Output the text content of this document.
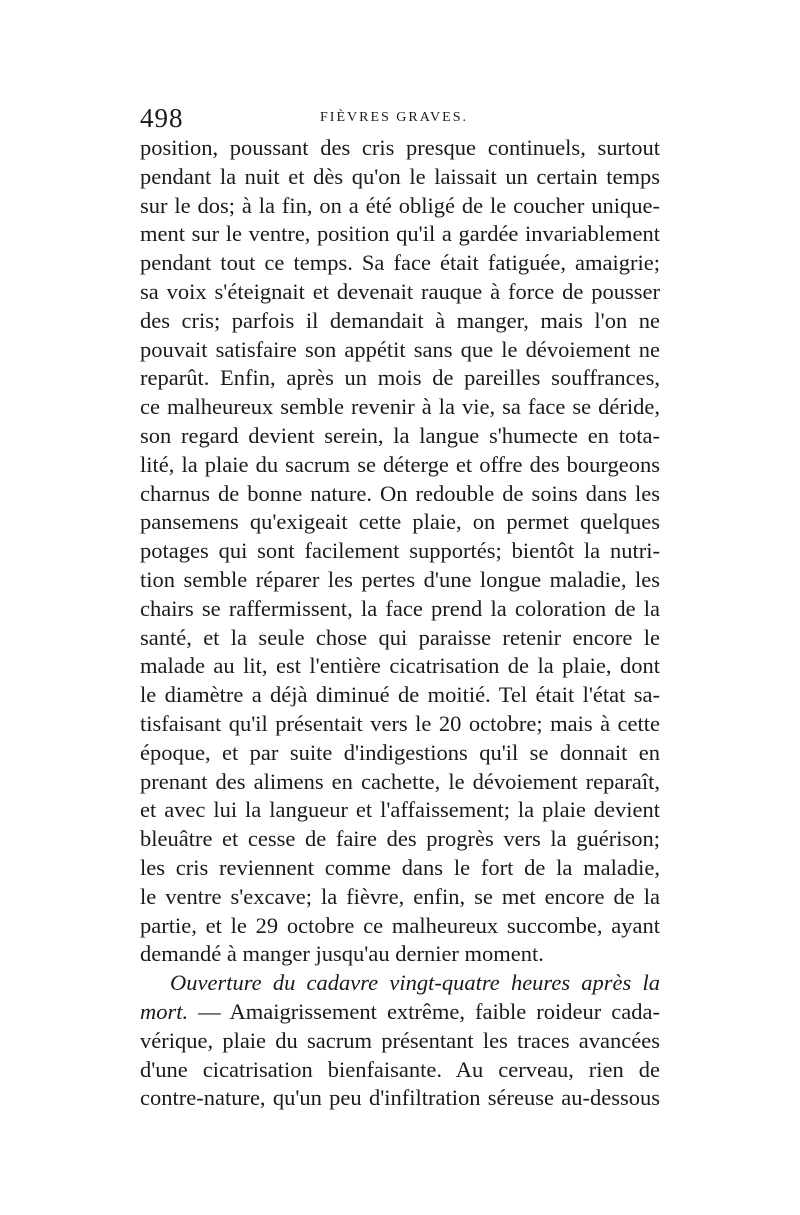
498	FIÈVRES GRAVES.
position, poussant des cris presque continuels, surtout
pendant la nuit et dès qu'on le laissait un certain temps
sur le dos; à la fin, on a été obligé de le coucher unique-
ment sur le ventre, position qu'il a gardée invariablement
pendant tout ce temps. Sa face était fatiguée, amaigrie;
sa voix s'éteignait et devenait rauque à force de pousser
des cris; parfois il demandait à manger, mais l'on ne
pouvait satisfaire son appétit sans que le dévoiement ne
reparût. Enfin, après un mois de pareilles souffrances,
ce malheureux semble revenir à la vie, sa face se déride,
son regard devient serein, la langue s'humecte en tota-
lité, la plaie du sacrum se déterge et offre des bourgeons
charnus de bonne nature. On redouble de soins dans les
pansemens qu'exigeait cette plaie, on permet quelques
potages qui sont facilement supportés; bientôt la nutri-
tion semble réparer les pertes d'une longue maladie, les
chairs se raffermissent, la face prend la coloration de la
santé, et la seule chose qui paraisse retenir encore le
malade au lit, est l'entière cicatrisation de la plaie, dont
le diamètre a déjà diminué de moitié. Tel était l'état sa-
tisfaisant qu'il présentait vers le 20 octobre; mais à cette
époque, et par suite d'indigestions qu'il se donnait en
prenant des alimens en cachette, le dévoiement reparaît,
et avec lui la langueur et l'affaissement; la plaie devient
bleuâtre et cesse de faire des progrès vers la guérison;
les cris reviennent comme dans le fort de la maladie,
le ventre s'excave; la fièvre, enfin, se met encore de la
partie, et le 29 octobre ce malheureux succombe, ayant
demandé à manger jusqu'au dernier moment.
Ouverture du cadavre vingt-quatre heures après la
mort. — Amaigrissement extrême, faible roideur cada-
vérique, plaie du sacrum présentant les traces avancées
d'une cicatrisation bienfaisante. Au cerveau, rien de
contre-nature, qu'un peu d'infiltration séreuse au-dessous
